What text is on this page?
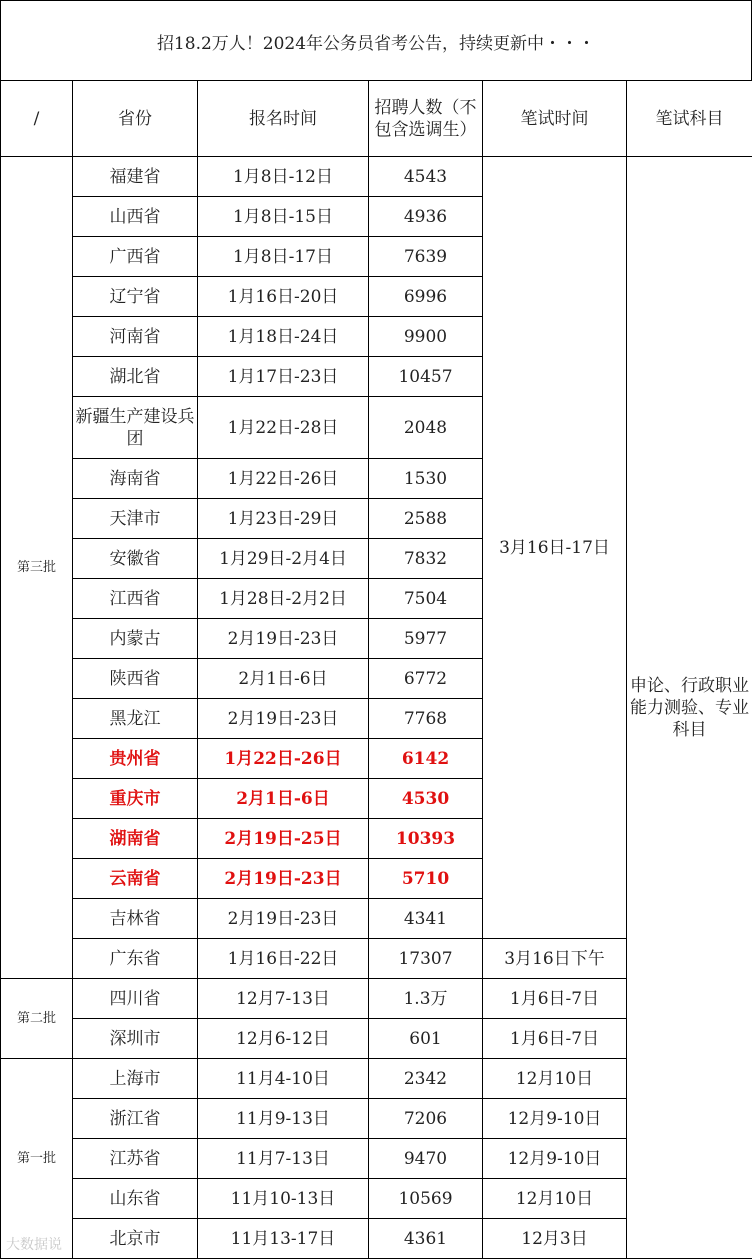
招18.2万人！2024年公务员省考公告，持续更新中・・・
/	省份	报名时间	招聘人数（不包含选调生）	笔试时间	笔试科目
第三批	福建省	1月8日-12日	4543	3月16日-17日	申论、行政职业能力测验、专业科目
	山西省	1月8日-15日	4936		
	广西省	1月8日-17日	7639		
	辽宁省	1月16日-20日	6996		
	河南省	1月18日-24日	9900		
	湖北省	1月17日-23日	10457		
	新疆生产建设兵团	1月22日-28日	2048		
	海南省	1月22日-26日	1530		
	天津市	1月23日-29日	2588		
	安徽省	1月29日-2月4日	7832		
	江西省	1月28日-2月2日	7504		
	内蒙古	2月19日-23日	5977		
	陕西省	2月1日-6日	6772		
	黑龙江	2月19日-23日	7768		
	贵州省	1月22日-26日	6142		
	重庆市	2月1日-6日	4530		
	湖南省	2月19日-25日	10393		
	云南省	2月19日-23日	5710		
	吉林省	2月19日-23日	4341		
	广东省	1月16日-22日	17307	3月16日下午	
第二批	四川省	12月7-13日	1.3万	1月6日-7日	
	深圳市	12月6-12日	601	1月6日-7日	
第一批	上海市	11月4-10日	2342	12月10日	
	浙江省	11月9-13日	7206	12月9-10日	
	江苏省	11月7-13日	9470	12月9-10日	
	山东省	11月10-13日	10569	12月10日	
	北京市	11月13-17日	4361	12月3日	
大数据说
